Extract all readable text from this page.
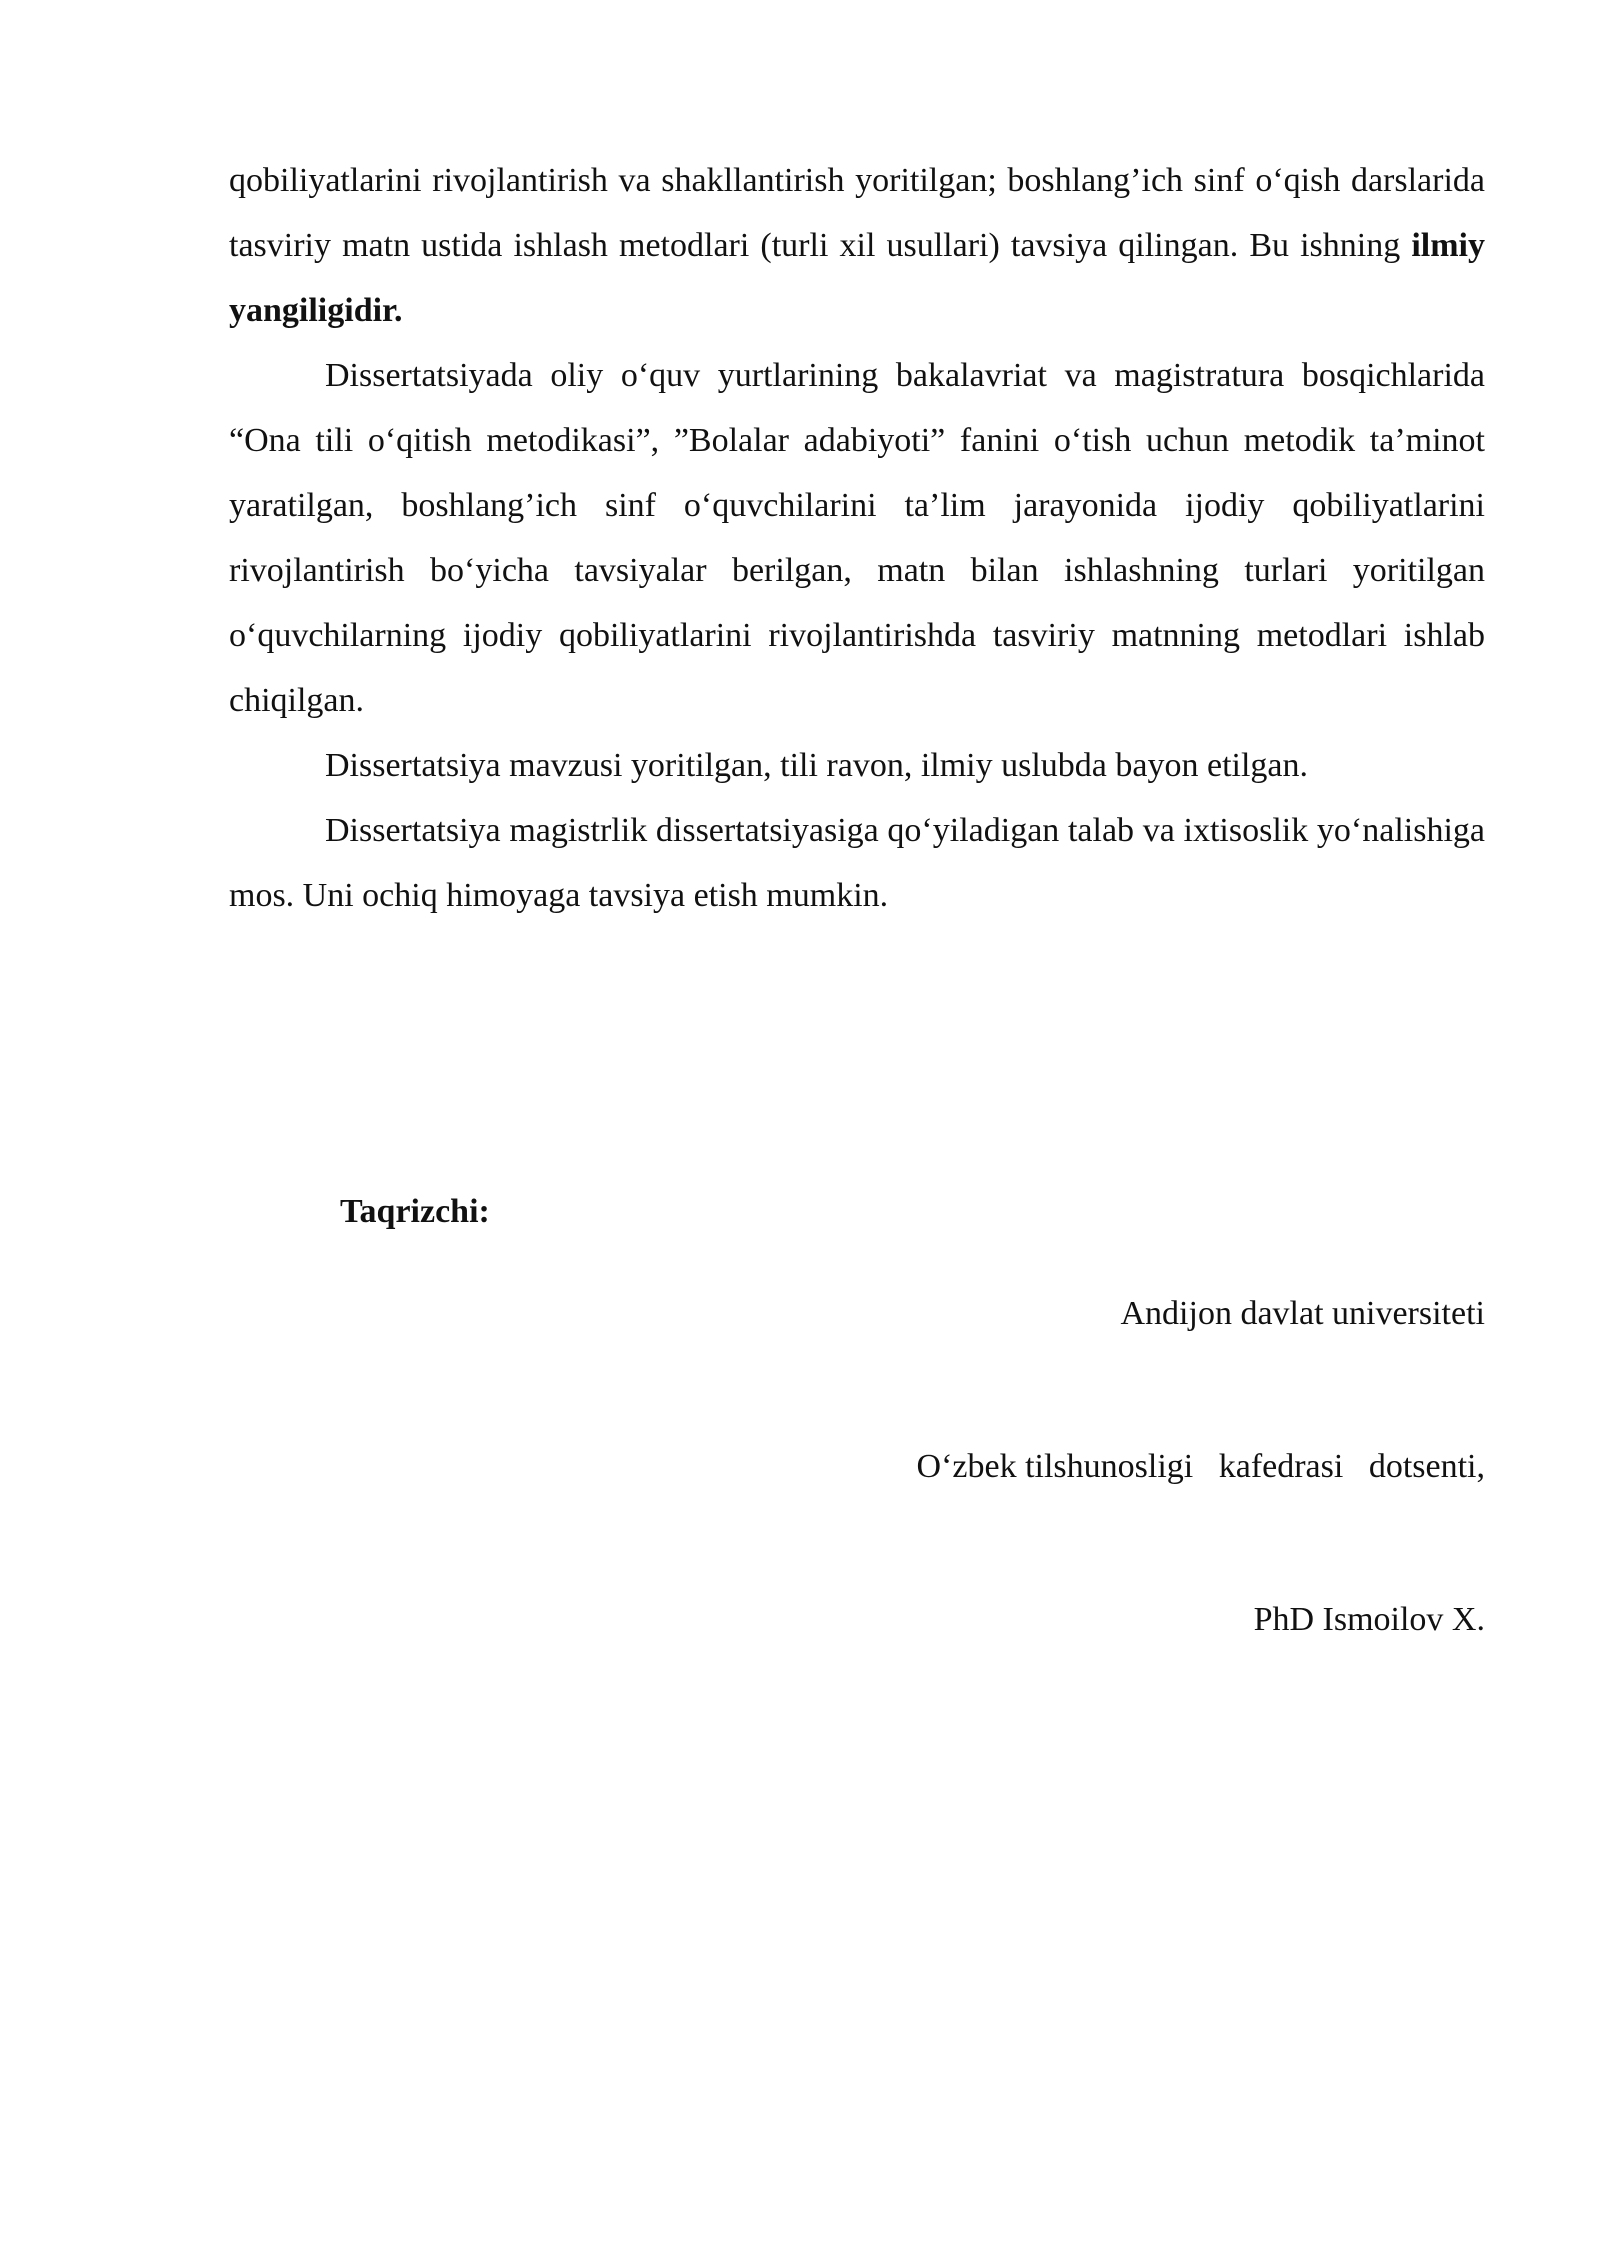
qobiliyatlarini rivojlantirish va shakllantirish yoritilgan; boshlang’ich sinf o‘qish darslarida tasviriy matn ustida ishlash metodlari (turli xil usullari) tavsiya qilingan. Bu ishning ilmiy yangiligidir.

Dissertatsiyada oliy o‘quv yurtlarining bakalavriat va magistratura bosqichlarida “Ona tili o‘qitish metodikasi”, ”Bolalar adabiyoti” fanini o‘tish uchun metodik ta’minot yaratilgan, boshlang’ich sinf o‘quvchilarini ta’lim jarayonida ijodiy qobiliyatlarini rivojlantirish bo‘yicha tavsiyalar berilgan, matn bilan ishlashning turlari yoritilgan o‘quvchilarning ijodiy qobiliyatlarini rivojlantirishda tasviriy matnning metodlari ishlab chiqilgan.

Dissertatsiya mavzusi yoritilgan, tili ravon, ilmiy uslubda bayon etilgan.

Dissertatsiya magistrlik dissertatsiyasiga qo‘yiladigan talab va ixtisoslik yo‘nalishiga mos. Uni ochiq himoyaga tavsiya etish mumkin.

Taqrizchi:

Andijon davlat universiteti

O‘zbek tilshunosligi   kafedrasi   dotsenti,

PhD Ismoilov X.
